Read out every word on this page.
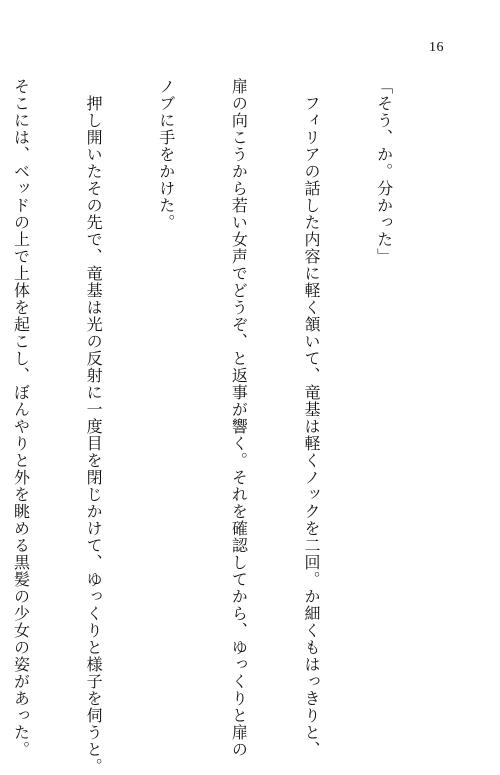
16

「そう、か。分かった」

　フィリアの話した内容に軽く頷いて、竜基は軽くノックを二回。か細くもはっきりと、

扉の向こうから若い女声でどうぞ、と返事が響く。それを確認してから、ゆっくりと扉の

ノブに手をかけた。

　押し開いたその先で、竜基は光の反射に一度目を閉じかけて、ゆっくりと様子を伺うと。

そこには、ベッドの上で上体を起こし、ぼんやりと外を眺める黒髪の少女の姿があった。
